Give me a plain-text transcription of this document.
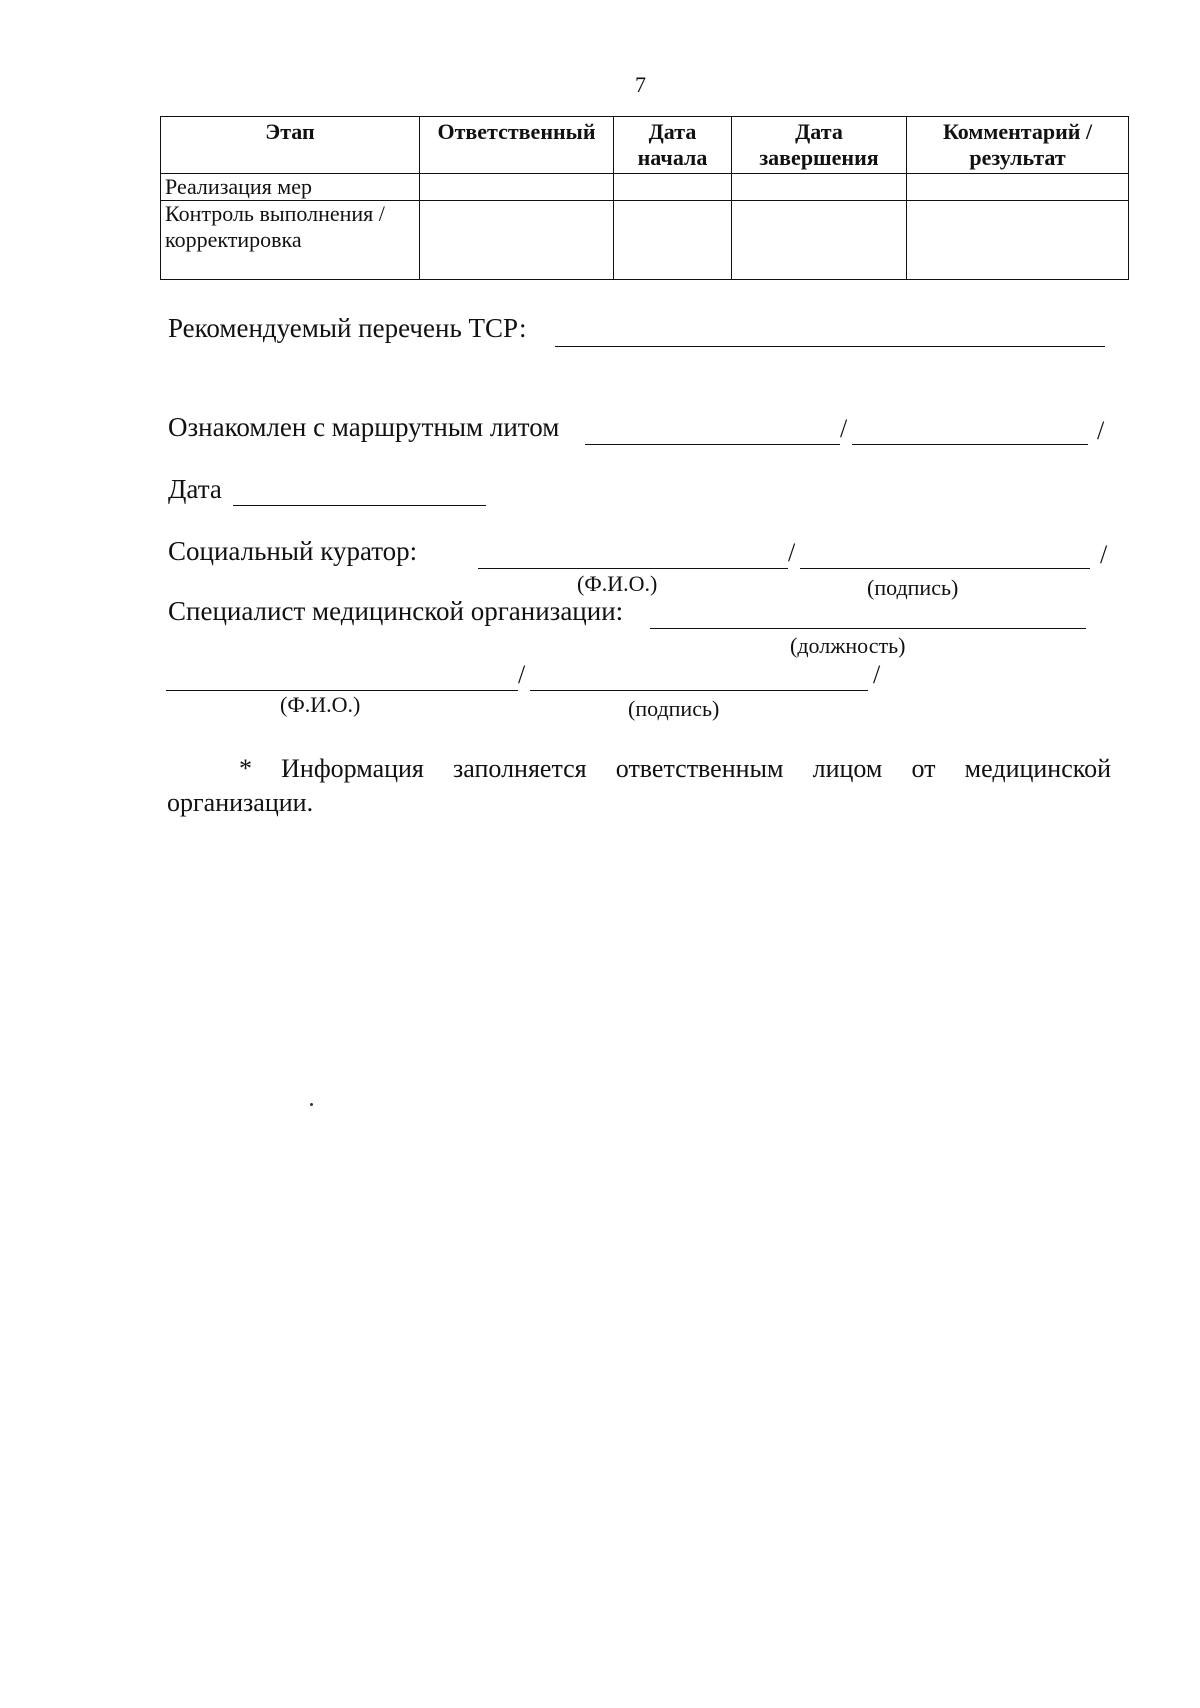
7
Этап	Ответственный	Дата начала	Дата завершения	Комментарий / результат
Реализация мер				
Контроль выполнения / корректировка				
Рекомендуемый перечень ТСР:
Ознакомлен с маршрутным литом	/	/
Дата
Социальный куратор:	/	/
(Ф.И.О.)	(подпись)
Специалист медицинской организации:
(должность)
/	/
(Ф.И.О.)	(подпись)
* Информация заполняется ответственным лицом от медицинской организации.
